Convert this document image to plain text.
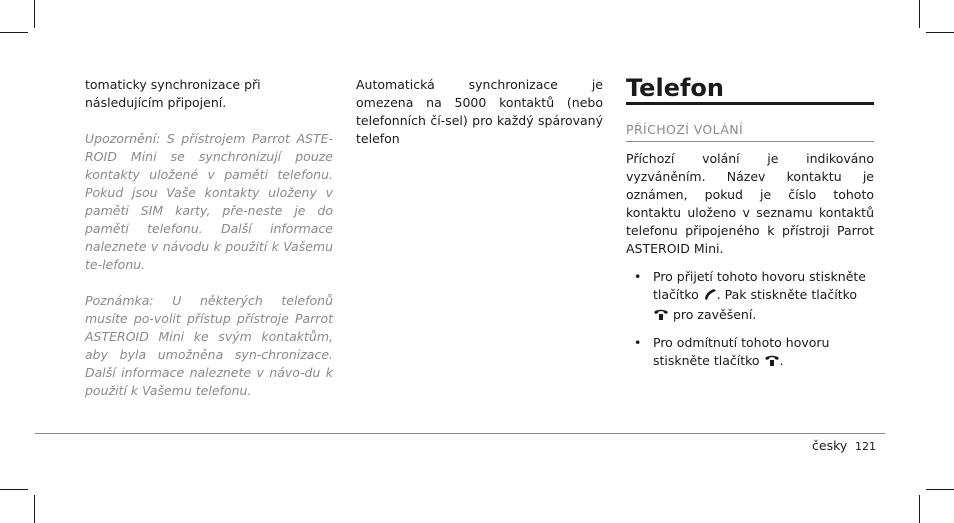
tomaticky synchronizace při následujícím připojení.

Upozornění: S přístrojem Parrot ASTE-ROID Mini se synchronizují pouze kontakty uložené v paměti telefonu. Pokud jsou Vaše kontakty uloženy v paměti SIM karty, pře-neste je do paměti telefonu. Další informace naleznete v návodu k použití k Vašemu te-lefonu.

Poznámka: U některých telefonů musíte po-volit přístup přístroje Parrot ASTEROID Mini ke svým kontaktům, aby byla umožněna syn-chronizace. Další informace naleznete v návo-du k použití k Vašemu telefonu.

Automatická synchronizace je omezena na 5000 kontaktů (nebo telefonních čí-sel) pro každý spárovaný telefon

Telefon
PŘÍCHOZÍ VOLÁNÍ

Příchozí volání je indikováno vyzváněním. Název kontaktu je oznámen, pokud je číslo tohoto kontaktu uloženo v seznamu kontaktů telefonu připojeného k přístroji Parrot ASTEROID Mini.

• Pro přijetí tohoto hovoru stiskněte tlačítko . Pak stiskněte tlačítko  pro zavěšení.
• Pro odmítnutí tohoto hovoru stiskněte tlačítko .
česky 121
